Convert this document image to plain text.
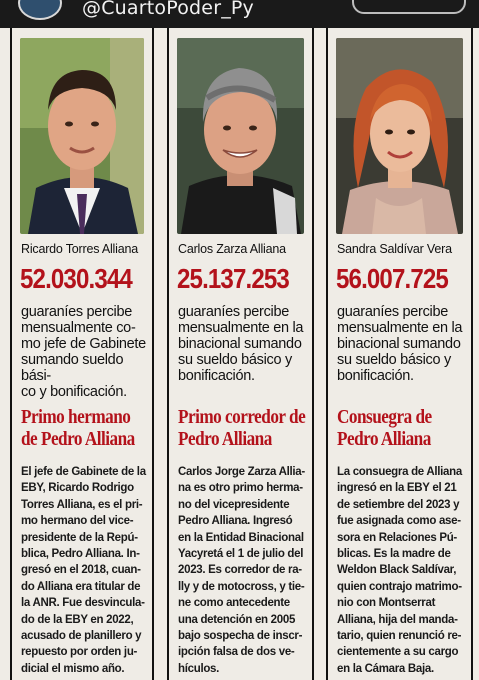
@CuartoPoder_Py
Ricardo Torres Alliana
52.030.344
guaraníes percibe
mensualmente co-
mo jefe de Gabinete
sumando sueldo bási-
co y bonificación.
Primo hermano
de Pedro Alliana
El jefe de Gabinete de la
EBY, Ricardo Rodrigo
Torres Alliana, es el pri-
mo hermano del vice-
presidente de la Repú-
blica, Pedro Alliana. In-
gresó en el 2018, cuan-
do Alliana era titular de
la ANR. Fue desvincula-
do de la EBY en 2022,
acusado de planillero y
repuesto por orden ju-
dicial el mismo año.
Carlos Zarza Alliana
25.137.253
guaraníes percibe
mensualmente en la
binacional sumando
su sueldo básico y
bonificación.
Primo corredor de
Pedro Alliana
Carlos Jorge Zarza Allia-
na es otro primo herma-
no del vicepresidente
Pedro Alliana. Ingresó
en la Entidad Binacional
Yacyretá el 1 de julio del
2023. Es corredor de ra-
lly y de motocross, y tie-
ne como antecedente
una detención en 2005
bajo sospecha de inscr-
ipción falsa de dos ve-
hículos.
Sandra Saldívar Vera
56.007.725
guaraníes percibe
mensualmente en la
binacional sumando
su sueldo básico y
bonificación.
Consuegra de
Pedro Alliana
La consuegra de Alliana
ingresó en la EBY el 21
de setiembre del 2023 y
fue asignada como ase-
sora en Relaciones Pú-
blicas. Es la madre de
Weldon Black Saldívar,
quien contrajo matrimo-
nio con Montserrat
Alliana, hija del manda-
tario, quien renunció re-
cientemente a su cargo
en la Cámara Baja.
